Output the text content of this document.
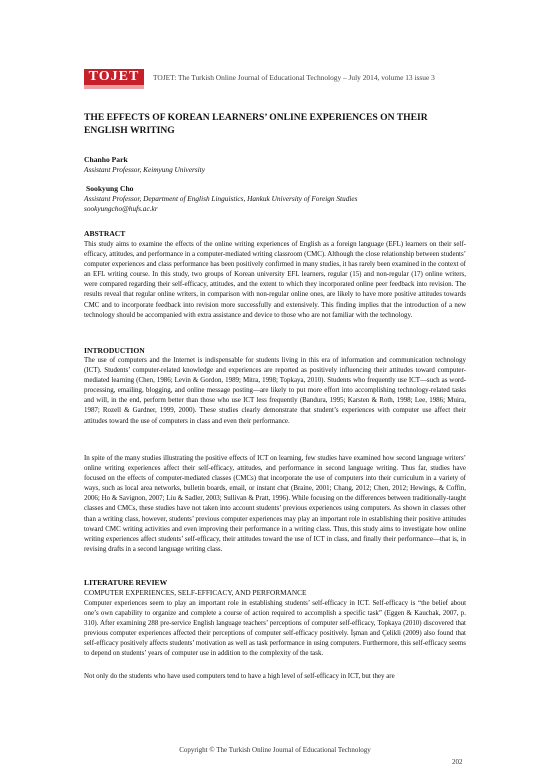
TOJET	TOJET: The Turkish Online Journal of Educational Technology – July 2014, volume 13 issue 3
THE EFFECTS OF KOREAN LEARNERS’ ONLINE EXPERIENCES ON THEIR ENGLISH WRITING
Chanho Park
Assistant Professor, Keimyung University
Sookyung Cho
Assistant Professor, Department of English Linguistics, Hankuk University of Foreign Studies
sookyungcho@hufs.ac.kr
ABSTRACT
This study aims to examine the effects of the online writing experiences of English as a foreign language (EFL) learners on their self-efficacy, attitudes, and performance in a computer-mediated writing classroom (CMC). Although the close relationship between students’ computer experiences and class performance has been positively confirmed in many studies, it has rarely been examined in the context of an EFL writing course. In this study, two groups of Korean university EFL learners, regular (15) and non-regular (17) online writers, were compared regarding their self-efficacy, attitudes, and the extent to which they incorporated online peer feedback into revision. The results reveal that regular online writers, in comparison with non-regular online ones, are likely to have more positive attitudes towards CMC and to incorporate feedback into revision more successfully and extensively. This finding implies that the introduction of a new technology should be accompanied with extra assistance and device to those who are not familiar with the technology.
INTRODUCTION
The use of computers and the Internet is indispensable for students living in this era of information and communication technology (ICT). Students’ computer-related knowledge and experiences are reported as positively influencing their attitudes toward computer-mediated learning (Chen, 1986; Levin & Gordon, 1989; Mitra, 1998; Topkaya, 2010). Students who frequently use ICT—such as word-processing, emailing, blogging, and online message posting—are likely to put more effort into accomplishing technology-related tasks and will, in the end, perform better than those who use ICT less frequently (Bandura, 1995; Karsten & Roth, 1998; Lee, 1986; Muira, 1987; Rozell & Gardner, 1999, 2000). These studies clearly demonstrate that student’s experiences with computer use affect their attitudes toward the use of computers in class and even their performance.
In spite of the many studies illustrating the positive effects of ICT on learning, few studies have examined how second language writers’ online writing experiences affect their self-efficacy, attitudes, and performance in second language writing. Thus far, studies have focused on the effects of computer-mediated classes (CMCs) that incorporate the use of computers into their curriculum in a variety of ways, such as local area networks, bulletin boards, email, or instant chat (Braine, 2001; Chang, 2012; Chen, 2012; Hewings, & Coffin, 2006; Ho & Savignon, 2007; Liu & Sadler, 2003; Sullivan & Pratt, 1996). While focusing on the differences between traditionally-taught classes and CMCs, these studies have not taken into account students’ previous experiences using computers. As shown in classes other than a writing class, however, students’ previous computer experiences may play an important role in establishing their positive attitudes toward CMC writing activities and even improving their performance in a writing class. Thus, this study aims to investigate how online writing experiences affect students’ self-efficacy, their attitudes toward the use of ICT in class, and finally their performance—that is, in revising drafts in a second language writing class.
LITERATURE REVIEW
COMPUTER EXPERIENCES, SELF-EFFICACY, AND PERFORMANCE
Computer experiences seem to play an important role in establishing students’ self-efficacy in ICT. Self-efficacy is “the belief about one’s own capability to organize and complete a course of action required to accomplish a specific task” (Eggen & Kauchak, 2007, p. 310). After examining 288 pre-service English language teachers’ perceptions of computer self-efficacy, Topkaya (2010) discovered that previous computer experiences affected their perceptions of computer self-efficacy positively. İşman and Çelikli (2009) also found that self-efficacy positively affects students’ motivation as well as task performance in using computers. Furthermore, this self-efficacy seems to depend on students’ years of computer use in addition to the complexity of the task.
Not only do the students who have used computers tend to have a high level of self-efficacy in ICT, but they are
Copyright © The Turkish Online Journal of Educational Technology
202
